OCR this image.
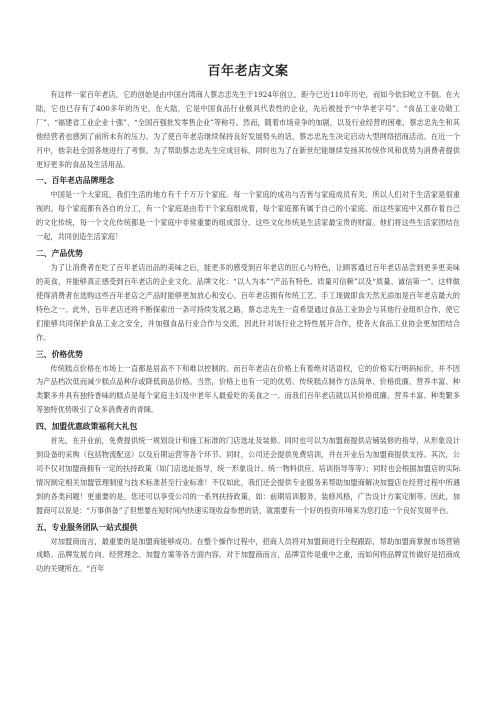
百年老店文案

有这样一家百年老店，它的创始是由中国台湾商人蔡志忠先生于1924年创立，距今已近110年历史，而如今依旧屹立不倒。在大陆，它也已存有了400多年的历史。在大陆，它是中国食品行业极具代表性的企业，先后被授予“中华老字号”、“食品工业功勋工厂”、“福建省工业企业十强”、“全国百强批发零售企业”等称号。然而，随着市场竞争的加剧，以及行业经营的困难，蔡志忠先生和其他经营者也感到了前所未有的压力。为了使百年老店继续保持良好发展势头的话，蔡志忠先生决定启动大型网络招商活动。在近一个月中，他亲赴全国各地进行了考察。为了帮助蔡志忠先生完成目标，同时也为了在新世纪能继续发扬其传统作风和优势为消费者提供更好更多的食品及生活用品。

一、百年老店品牌理念

中国是一个大家庭，我们生活的地方有千千万万个家庭。每一个家庭的成功与否皆与家庭成员有关，所以人们对于生活家是很重视的。每个家庭都有各自的分工，有一个家庭是由若干个家庭组成着，每个家庭都有属于自己的小家庭。而这些家庭中又都存着自己的文化传统，每一个文化传统都是一个家庭中非常重要的组成部分。这些文化传统是生活家最宝贵的财富。他们将这些生活家团结在一起，共同创造生活家庭！

二、产品优势

为了让消费者在吃了百年老店出品的美味之后，能更多的感受到百年老店的匠心与特色，让顾客通过百年老店品尝到更多更美味的美食，并能够真正感受到百年老店的企业文化、品牌文化：“以人为本”“产品有特色、质量可信赖”以及“质量、诚信第一”。这样做使得消费者在选购这些百年老店之产品时能够更加放心和安心。百年老店拥有传统工艺、手工现做即食天然无添加是百年老店最大的特色之一。此外，百年老店还将不断探索出一条可持续发展之路，蔡志忠先生一直希望通过食品工业协会与其他行业组织合作，使它们能够共同保护食品工业之安全，并加强食品行业合作与交流，因此针对该行业之特性展开合作，使各大食品工业协会更加团结合作。

三、价格优势

传统糕点价格在市场上一直都是居高不下和难以控制的。而百年老店在价格上有着绝对话语权，它的价格实行明码标价，并不因为产品档次低而减少糕点品种存或降低商品价格。当然，价格上也有一定的优势。传统糕点制作方法简单、价格低廉、营养丰富、种类繁多并具有独特香味的糕点是每个家庭主妇及中老年人最爱吃的美食之一。而我们百年老店就以其价格低廉、营养丰富、种类繁多等独特优势吸引了众多消费者的青睐。

四、加盟优惠政策福利大礼包

首先，在开业前，免费提供统一规划设计和施工标准的门店选址及装修。同时也可以为加盟商提供店铺装修的指导，从形象设计到设备的采购（包括物流配送）以及后期运营等各个环节。同时，公司还会提供免费培训，并在开业后为加盟商提供支持。其次，公司不仅对加盟商拥有一定的扶持政策（如门店选址指导，统一形象设计、统一物料供应、培训指导等等）；同时也会根据加盟店的实际情况制定相关加盟管理制度与技术标准甚至行业标准！不仅如此，我们还会提供专业服务来帮助加盟商解决加盟店在经营过程中所遇到的各类问题！更重要的是，您还可以享受公司的一系列扶持政策，如：前期培训服务，装修风格，广告设计方案定制等。因此，加盟商可以说是：“万事俱备”了但想要在短时间内快速实现收益参想的话，就需要有一个好的投资环境来为您打造一个良好发展平台。

五、专业服务团队一站式提供

对加盟商而言，最重要的是加盟商能够成功。在整个操作过程中，招商人员将对加盟商进行全程跟踪，帮助加盟商掌握市场营销成略、品牌发展方向、经营理念、加盟方案等各方面内容。对于加盟商而言，品牌宣传是重中之重，而如何将品牌宣传做好是招商成功的关键所在。“百年
